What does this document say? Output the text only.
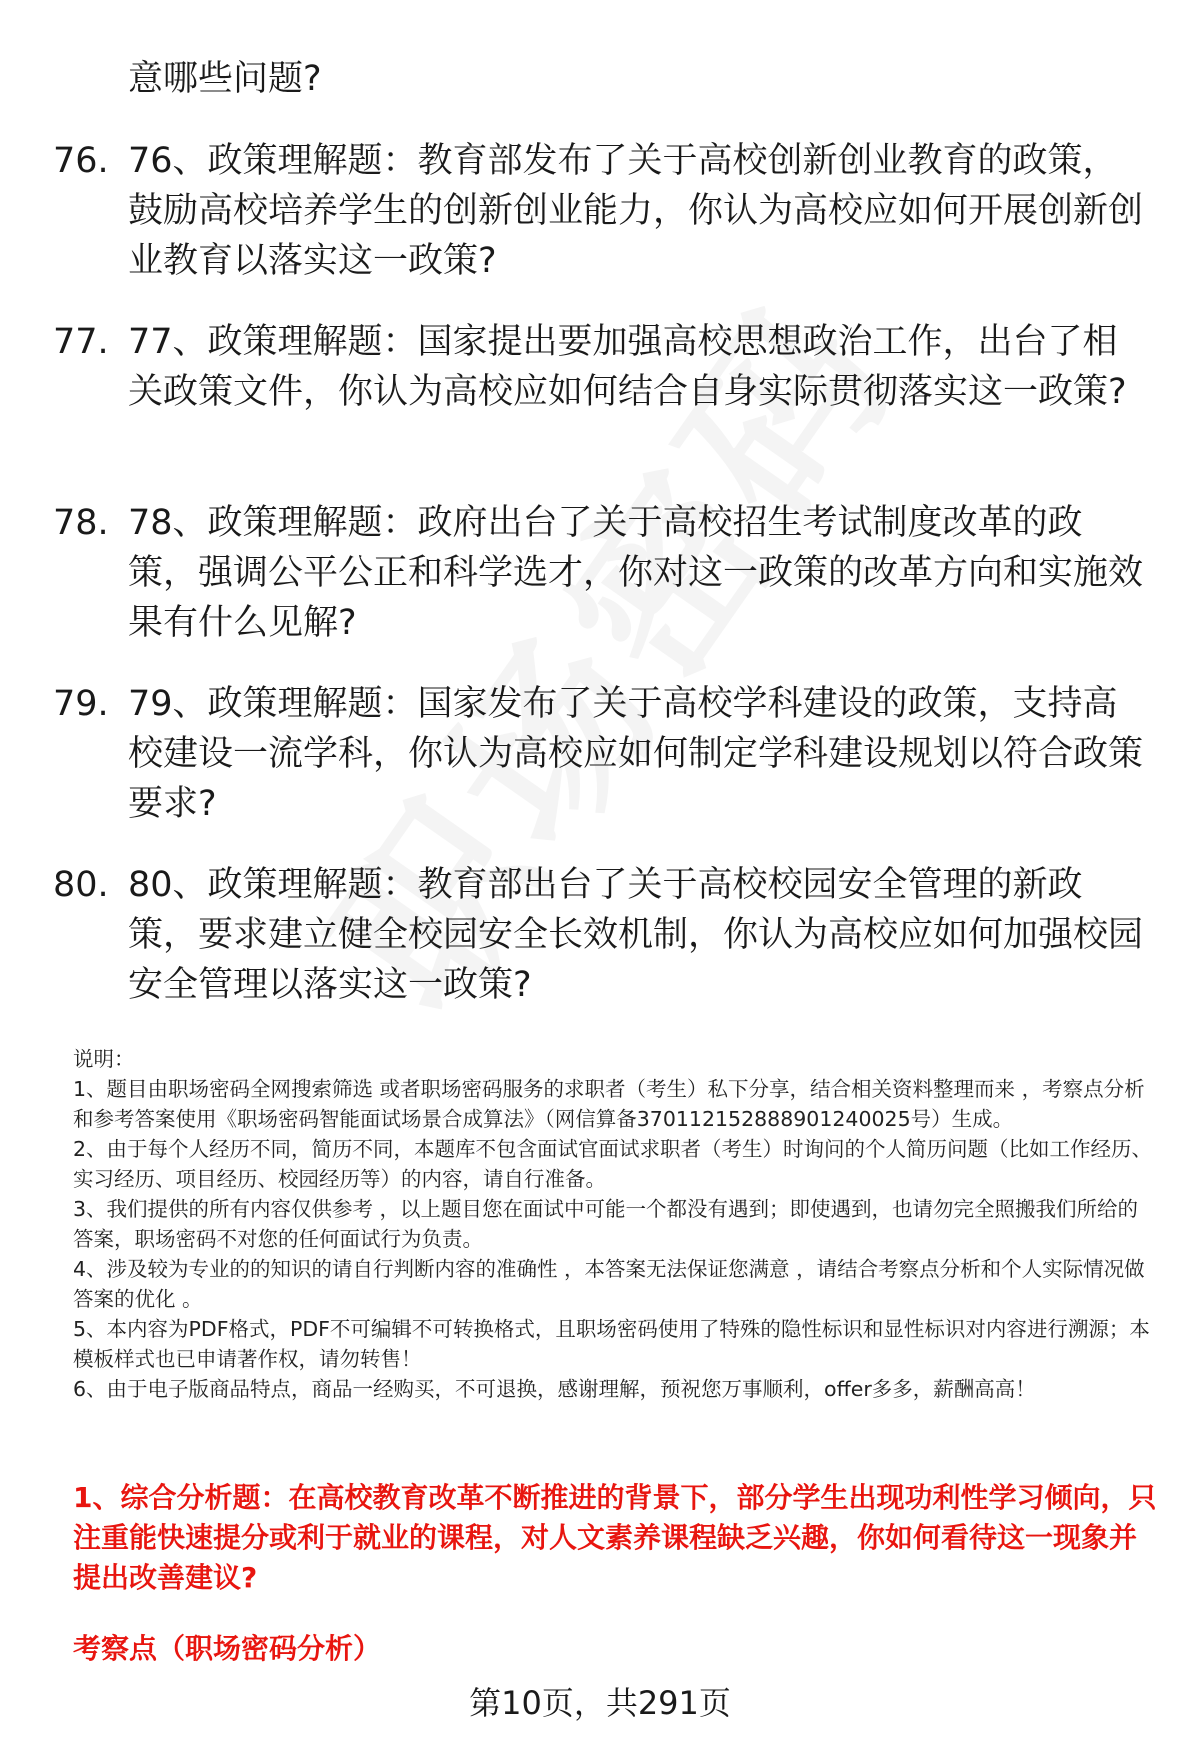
意哪些问题?
76. 76、政策理解题：教育部发布了关于高校创新创业教育的政策，鼓励高校培养学生的创新创业能力，你认为高校应如何开展创新创业教育以落实这一政策?
77. 77、政策理解题：国家提出要加强高校思想政治工作，出台了相关政策文件，你认为高校应如何结合自身实际贯彻落实这一政策?
78. 78、政策理解题：政府出台了关于高校招生考试制度改革的政策，强调公平公正和科学选才，你对这一政策的改革方向和实施效果有什么见解?
79. 79、政策理解题：国家发布了关于高校学科建设的政策，支持高校建设一流学科，你认为高校应如何制定学科建设规划以符合政策要求?
80. 80、政策理解题：教育部出台了关于高校校园安全管理的新政策，要求建立健全校园安全长效机制，你认为高校应如何加强校园安全管理以落实这一政策?

说明：

1、题目由职场密码全网搜索筛选 或者职场密码服务的求职者（考生）私下分享，结合相关资料整理而来 ，考察点分析和参考答案使用《职场密码智能面试场景合成算法》（网信算备370112152888901240025号）生成。

2、由于每个人经历不同，简历不同，本题库不包含面试官面试求职者（考生）时询问的个人简历问题（比如工作经历、实习经历、项目经历、校园经历等）的内容，请自行准备。

3、我们提供的所有内容仅供参考 ，以上题目您在面试中可能一个都没有遇到；即使遇到，也请勿完全照搬我们所给的答案，职场密码不对您的任何面试行为负责。

4、涉及较为专业的的知识的请自行判断内容的准确性 ，本答案无法保证您满意 ，请结合考察点分析和个人实际情况做答案的优化 。

5、本内容为PDF格式，PDF不可编辑不可转换格式，且职场密码使用了特殊的隐性标识和显性标识对内容进行溯源；本模板样式也已申请著作权，请勿转售！

6、由于电子版商品特点，商品一经购买，不可退换，感谢理解，预祝您万事顺利，offer多多，薪酬高高！

1、综合分析题：在高校教育改革不断推进的背景下，部分学生出现功利性学习倾向，只注重能快速提分或利于就业的课程，对人文素养课程缺乏兴趣，你如何看待这一现象并提出改善建议?
考察点（职场密码分析）
第10页，共291页
